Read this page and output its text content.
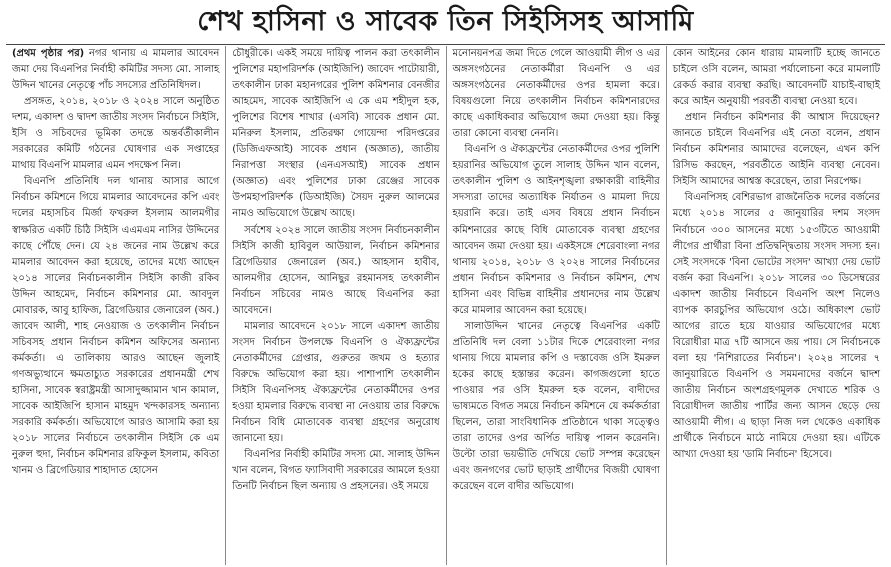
শেখ হাসিনা ও সাবেক তিন সিইসিসহ আসামি

(প্রথম পৃষ্ঠার পর) নগর থানায় এ মামলার আবেদন জমা দেয় বিএনপির নির্বাহী কমিটির সদস্য মো. সালাহ উদ্দিন খানের নেতৃত্বে পাঁচ সদস্যের প্রতিনিধিদল।

প্রসঙ্গত, ২০১৪, ২০১৮ ও ২০২৪ সালে অনুষ্ঠিত দশম, একাদশ ও দ্বাদশ জাতীয় সংসদ নির্বাচনে সিইসি, ইসি ও সচিবদের ভূমিকা তদন্তে অন্তর্বর্তীকালীন সরকারের কমিটি গঠনের ঘোষণার এক সপ্তাহের মাথায় বিএনপি মামলার এমন পদক্ষেপ নিল।

বিএনপি প্রতিনিধি দল থানায় আসার আগে নির্বাচন কমিশনে গিয়ে মামলার আবেদনের কপি এবং দলের মহাসচিব মির্জা ফখরুল ইসলাম আলমগীর স্বাক্ষরিত একটি চিঠি সিইসি এএমএম নাসির উদ্দিনের কাছে পৌঁছে দেন। যে ২৪ জনের নাম উল্লেখ করে মামলার আবেদন করা হয়েছে, তাদের মধ্যে আছেন ২০১৪ সালের নির্বাচনকালীন সিইসি কাজী রকিব উদ্দিন আহমেদ, নির্বাচন কমিশনার মো. আবদুল মোবারক, আবু হাফিজ, ব্রিগেডিয়ার জেনারেল (অব.) জাবেদ আলী, শাহ নেওয়াজ ও তৎকালীন নির্বাচন সচিবসহ প্রধান নির্বাচন কমিশন অফিসের অন্যান্য কর্মকর্তা। এ তালিকায় আরও আছেন জুলাই গণঅভ্যুত্থানে ক্ষমতাচ্যুত সরকারের প্রধানমন্ত্রী শেখ হাসিনা, সাবেক স্বরাষ্ট্রমন্ত্রী আসাদুজ্জামান খান কামাল, সাবেক আইজিপি হাসান মাহমুদ খন্দকারসহ অন্যান্য সরকারি কর্মকর্তা। অভিযোগে আরও আসামি করা হয় ২০১৮ সালের নির্বাচনে তৎকালীন সিইসি কে এম নুরুল হুদা, নির্বাচন কমিশনার রফিকুল ইসলাম, কবিতা খানম ও ব্রিগেডিয়ার শাহাদাত হোসেন

চৌধুরীকে। একই সময়ে দায়িত্ব পালন করা তৎকালীন পুলিশের মহাপরিদর্শক (আইজিপি) জাবেদ পাটোয়ারী, তৎকালীন ঢাকা মহানগরের পুলিশ কমিশনার বেনজীর আহমেদ, সাবেক আইজিপি এ কে এম শহীদুল হক, পুলিশের বিশেষ শাখার (এসবি) সাবেক প্রধান মো. মনিরুল ইসলাম, প্রতিরক্ষা গোয়েন্দা পরিদপ্তরের (ডিজিএফআই) সাবেক প্রধান (অজ্ঞাত), জাতীয় নিরাপত্তা সংস্থার (এনএসআই) সাবেক প্রধান (অজ্ঞাত) এবং পুলিশের ঢাকা রেঞ্জের সাবেক উপমহাপরিদর্শক (ডিআইজি) সৈয়দ নুরুল আলমের নামও অভিযোগে উল্লেখ আছে।

সর্বশেষ ২০২৪ সালে জাতীয় সংসদ নির্বাচনকালীন সিইসি কাজী হাবিবুল আউয়াল, নির্বাচন কমিশনার ব্রিগেডিয়ার জেনারেল (অব.) আহসান হাবীব, আলমগীর হোসেন, আনিছুর রহমানসহ তৎকালীন নির্বাচন সচিবের নামও আছে বিএনপির করা আবেদনে।

মামলার আবেদনে ২০১৮ সালে একাদশ জাতীয় সংসদ নির্বাচন উপলক্ষে বিএনপি ও ঐক্যফ্রন্টের নেতাকর্মীদের গ্রেপ্তার, গুরুতর জখম ও হত্যার বিরুদ্ধে অভিযোগ করা হয়। পাশাপাশি তৎকালীন সিইসি বিএনপিসহ ঐক্যফ্রন্টের নেতাকর্মীদের ওপর হওয়া হামলার বিরুদ্ধে ব্যবস্থা না নেওয়ায় তার বিরুদ্ধে নির্বাচন বিধি মোতাবেক ব্যবস্থা গ্রহণের অনুরোধ জানানো হয়।

বিএনপির নির্বাহী কমিটির সদস্য মো. সালাহ উদ্দিন খান বলেন, বিগত ফ্যাসিবাদী সরকারের আমলে হওয়া তিনটি নির্বাচন ছিল অন্যায় ও প্রহসনের। ওই সময়ে

মনোনয়নপত্র জমা দিতে গেলে আওয়ামী লীগ ও এর অঙ্গসংগঠনের নেতাকর্মীরা বিএনপি ও এর অঙ্গসংগঠনের নেতাকর্মীদের ওপর হামলা করে। বিষয়গুলো নিয়ে তৎকালীন নির্বাচন কমিশনারদের কাছে একাধিকবার অভিযোগ জমা দেওয়া হয়। কিন্তু তারা কোনো ব্যবস্থা নেননি।

বিএনপি ও ঐক্যফ্রন্টের নেতাকর্মীদের ওপর পুলিশি হয়রানির অভিযোগ তুলে সালাহ উদ্দিন খান বলেন, তৎকালীন পুলিশ ও আইনশৃঙ্খলা রক্ষাকারী বাহিনীর সদস্যরা তাদের অত্যাধিক নির্যাতন ও মামলা দিয়ে হয়রানি করে। তাই এসব বিষয়ে প্রধান নির্বাচন কমিশনারের কাছে বিধি মোতাবেক ব্যবস্থা গ্রহণের আবেদন জমা দেওয়া হয়। একইসঙ্গে শেরেবাংলা নগর থানায় ২০১৪, ২০১৮ ও ২০২৪ সালের নির্বাচনের প্রধান নির্বাচন কমিশনার ও নির্বাচন কমিশন, শেখ হাসিনা এবং বিভিন্ন বাহিনীর প্রধানদের নাম উল্লেখ করে মামলার আবেদন করা হয়েছে।

সালাউদ্দিন খানের নেতৃত্বে বিএনপির একটি প্রতিনিধি দল বেলা ১১টার দিকে শেরেবাংলা নগর থানায় গিয়ে মামলার কপি ও দস্তাবেজ ওসি ইমরুল হকের কাছে হস্তান্তর করেন। কাগজগুলো হাতে পাওয়ার পর ওসি ইমরুল হক বলেন, বাদীদের ভাষ্যমতে বিগত সময়ে নির্বাচন কমিশনে যে কর্মকর্তারা ছিলেন, তারা সাংবিধানিক প্রতিষ্ঠানে থাকা সত্ত্বেও তারা তাদের ওপর অর্পিত দায়িত্ব পালন করেননি। উল্টো তারা ভয়ভীতি দেখিয়ে ভোট সম্পন্ন করেছেন এবং জনগণের ভোট ছাড়াই প্রার্থীদের বিজয়ী ঘোষণা করেছেন বলে বাদীর অভিযোগ।

কোন আইনের কোন ধারায় মামলাটি হচ্ছে জানতে চাইলে ওসি বলেন, আমরা পর্যালোচনা করে মামলাটি রেকর্ড করার ব্যবস্থা করছি। আবেদনটি যাচাই-বাছাই করে আইন অনুযায়ী পরবর্তী ব্যবস্থা নেওয়া হবে।

প্রধান নির্বাচন কমিশনার কী আশ্বাস দিয়েছেন? জানতে চাইলে বিএনপির এই নেতা বলেন, প্রধান নির্বাচন কমিশনার আমাদের বলেছেন, এখন কপি রিসিভ করছেন, পরবর্তীতে আইনি ব্যবস্থা নেবেন। সিইসি আমাদের আশ্বস্ত করেছেন, তারা নিরপেক্ষ।

বিএনপিসহ বেশিরভাগ রাজনৈতিক দলের বর্জনের মধ্যে ২০১৪ সালের ৫ জানুয়ারির দশম সংসদ নির্বাচনে ৩০০ আসনের মধ্যে ১৫৩টিতে আওয়ামী লীগের প্রার্থীরা বিনা প্রতিদ্বন্দ্বিতায় সংসদ সদস্য হন। সেই সংসদকে 'বিনা ভোটের সংসদ' আখ্যা দেয় ভোট বর্জন করা বিএনপি। ২০১৮ সালের ৩০ ডিসেম্বরের একাদশ জাতীয় নির্বাচনে বিএনপি অংশ নিলেও ব্যাপক কারচুপির অভিযোগ ওঠে। অধিকাংশ ভোট আগের রাতে হয়ে যাওয়ার অভিযোগের মধ্যে বিরোধীরা মাত্র ৭টি আসনে জয় পায়। সে নির্বাচনকে বলা হয় 'নিশিরাতের নির্বাচন'। ২০২৪ সালের ৭ জানুয়ারিতে বিএনপি ও সমমনাদের বর্জনে দ্বাদশ জাতীয় নির্বাচন অংশগ্রহণমূলক দেখাতে শরিক ও বিরোধীদল জাতীয় পার্টির জন্য আসন ছেড়ে দেয় আওয়ামী লীগ। এ ছাড়া নিজ দল থেকেও একাধিক প্রার্থীকে নির্বাচনে মাঠে নামিয়ে দেওয়া হয়। এটিকে আখ্যা দেওয়া হয় 'ডামি নির্বাচন' হিসেবে।
